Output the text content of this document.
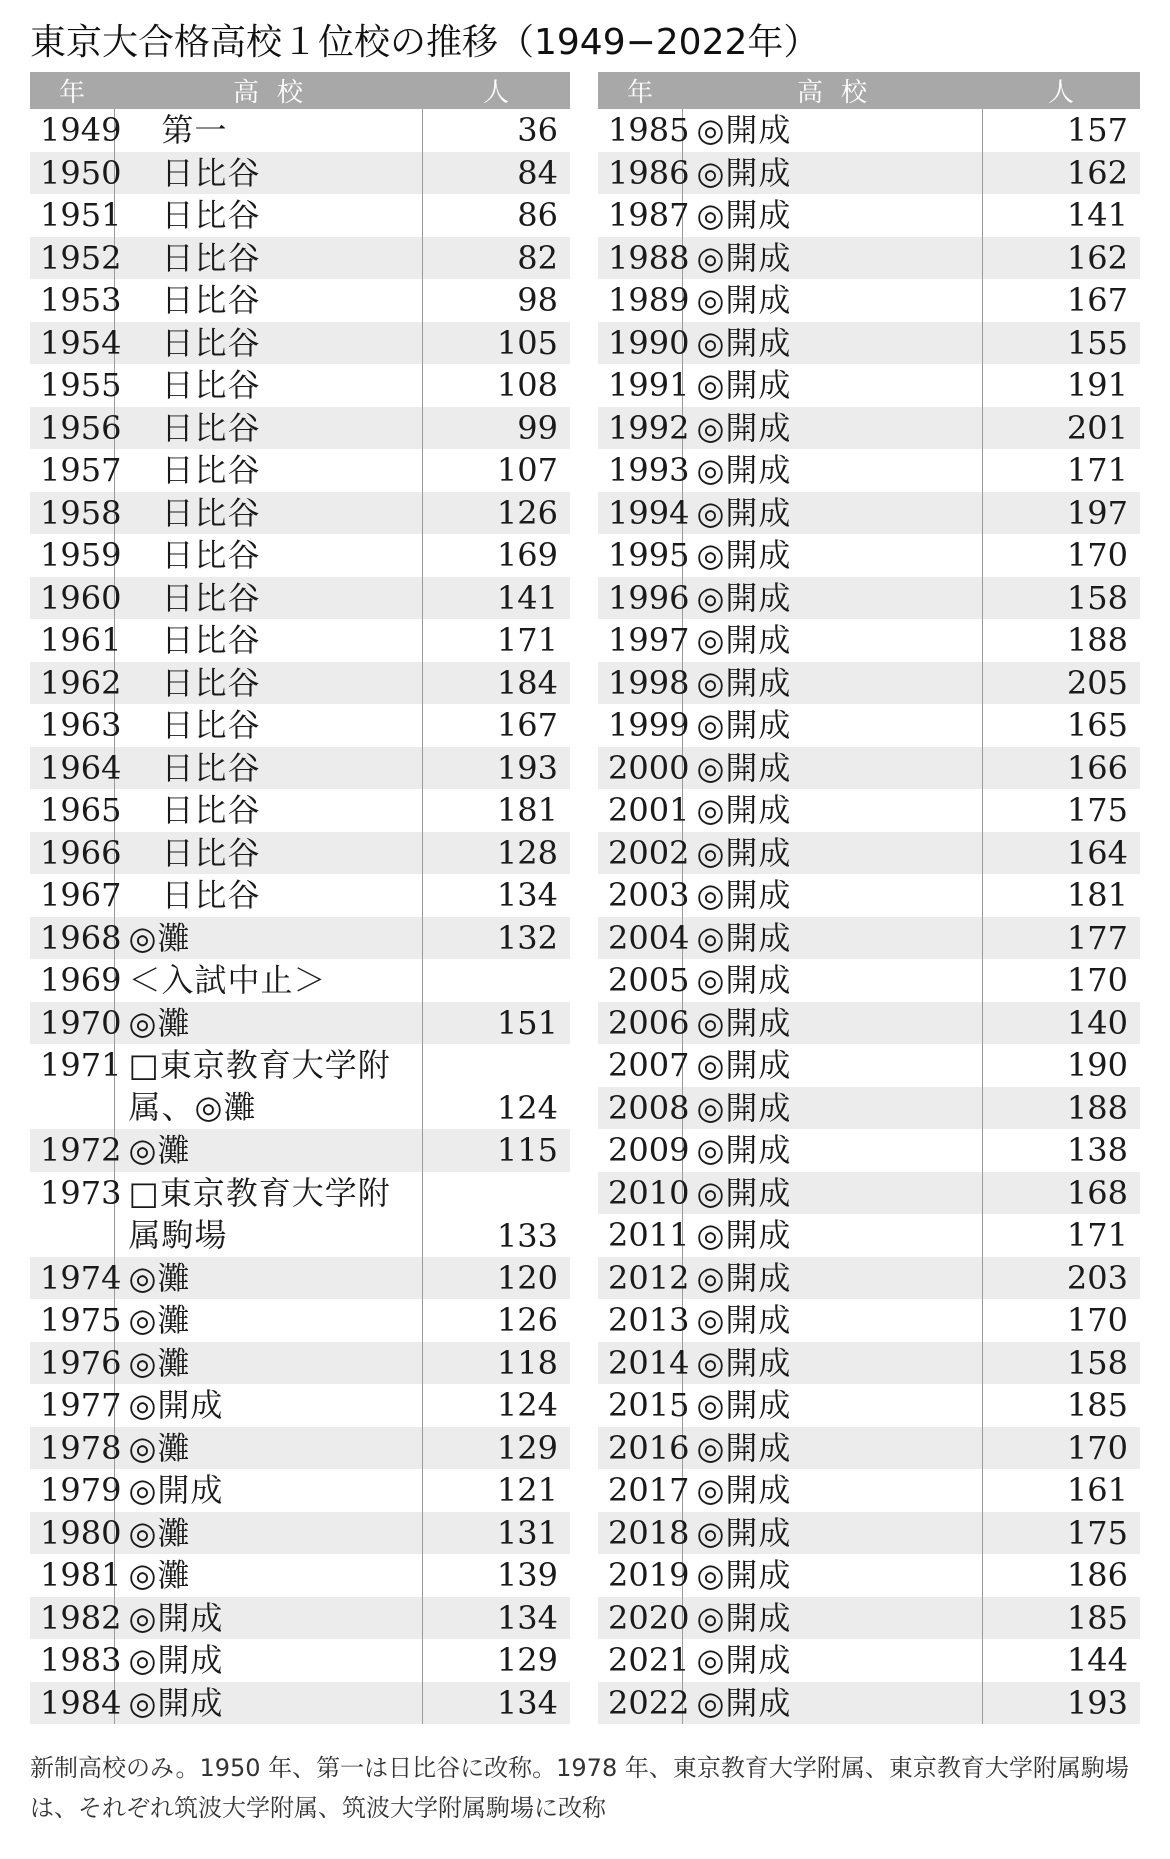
東京大合格高校１位校の推移（1949−2022年）
年	高校	人
1949	　第一	36
1950	　日比谷	84
1951	　日比谷	86
1952	　日比谷	82
1953	　日比谷	98
1954	　日比谷	105
1955	　日比谷	108
1956	　日比谷	99
1957	　日比谷	107
1958	　日比谷	126
1959	　日比谷	169
1960	　日比谷	141
1961	　日比谷	171
1962	　日比谷	184
1963	　日比谷	167
1964	　日比谷	193
1965	　日比谷	181
1966	　日比谷	128
1967	　日比谷	134
1968	◎灘	132
1969	＜入試中止＞	
1970	◎灘	151
1971	□東京教育大学附属、◎灘	124
1972	◎灘	115
1973	□東京教育大学附属駒場	133
1974	◎灘	120
1975	◎灘	126
1976	◎灘	118
1977	◎開成	124
1978	◎灘	129
1979	◎開成	121
1980	◎灘	131
1981	◎灘	139
1982	◎開成	134
1983	◎開成	129
1984	◎開成	134
年	高校	人
1985	◎開成	157
1986	◎開成	162
1987	◎開成	141
1988	◎開成	162
1989	◎開成	167
1990	◎開成	155
1991	◎開成	191
1992	◎開成	201
1993	◎開成	171
1994	◎開成	197
1995	◎開成	170
1996	◎開成	158
1997	◎開成	188
1998	◎開成	205
1999	◎開成	165
2000	◎開成	166
2001	◎開成	175
2002	◎開成	164
2003	◎開成	181
2004	◎開成	177
2005	◎開成	170
2006	◎開成	140
2007	◎開成	190
2008	◎開成	188
2009	◎開成	138
2010	◎開成	168
2011	◎開成	171
2012	◎開成	203
2013	◎開成	170
2014	◎開成	158
2015	◎開成	185
2016	◎開成	170
2017	◎開成	161
2018	◎開成	175
2019	◎開成	186
2020	◎開成	185
2021	◎開成	144
2022	◎開成	193
新制高校のみ。1950 年、第一は日比谷に改称。1978 年、東京教育大学附属、東京教育大学附属駒場は、それぞれ筑波大学附属、筑波大学附属駒場に改称
